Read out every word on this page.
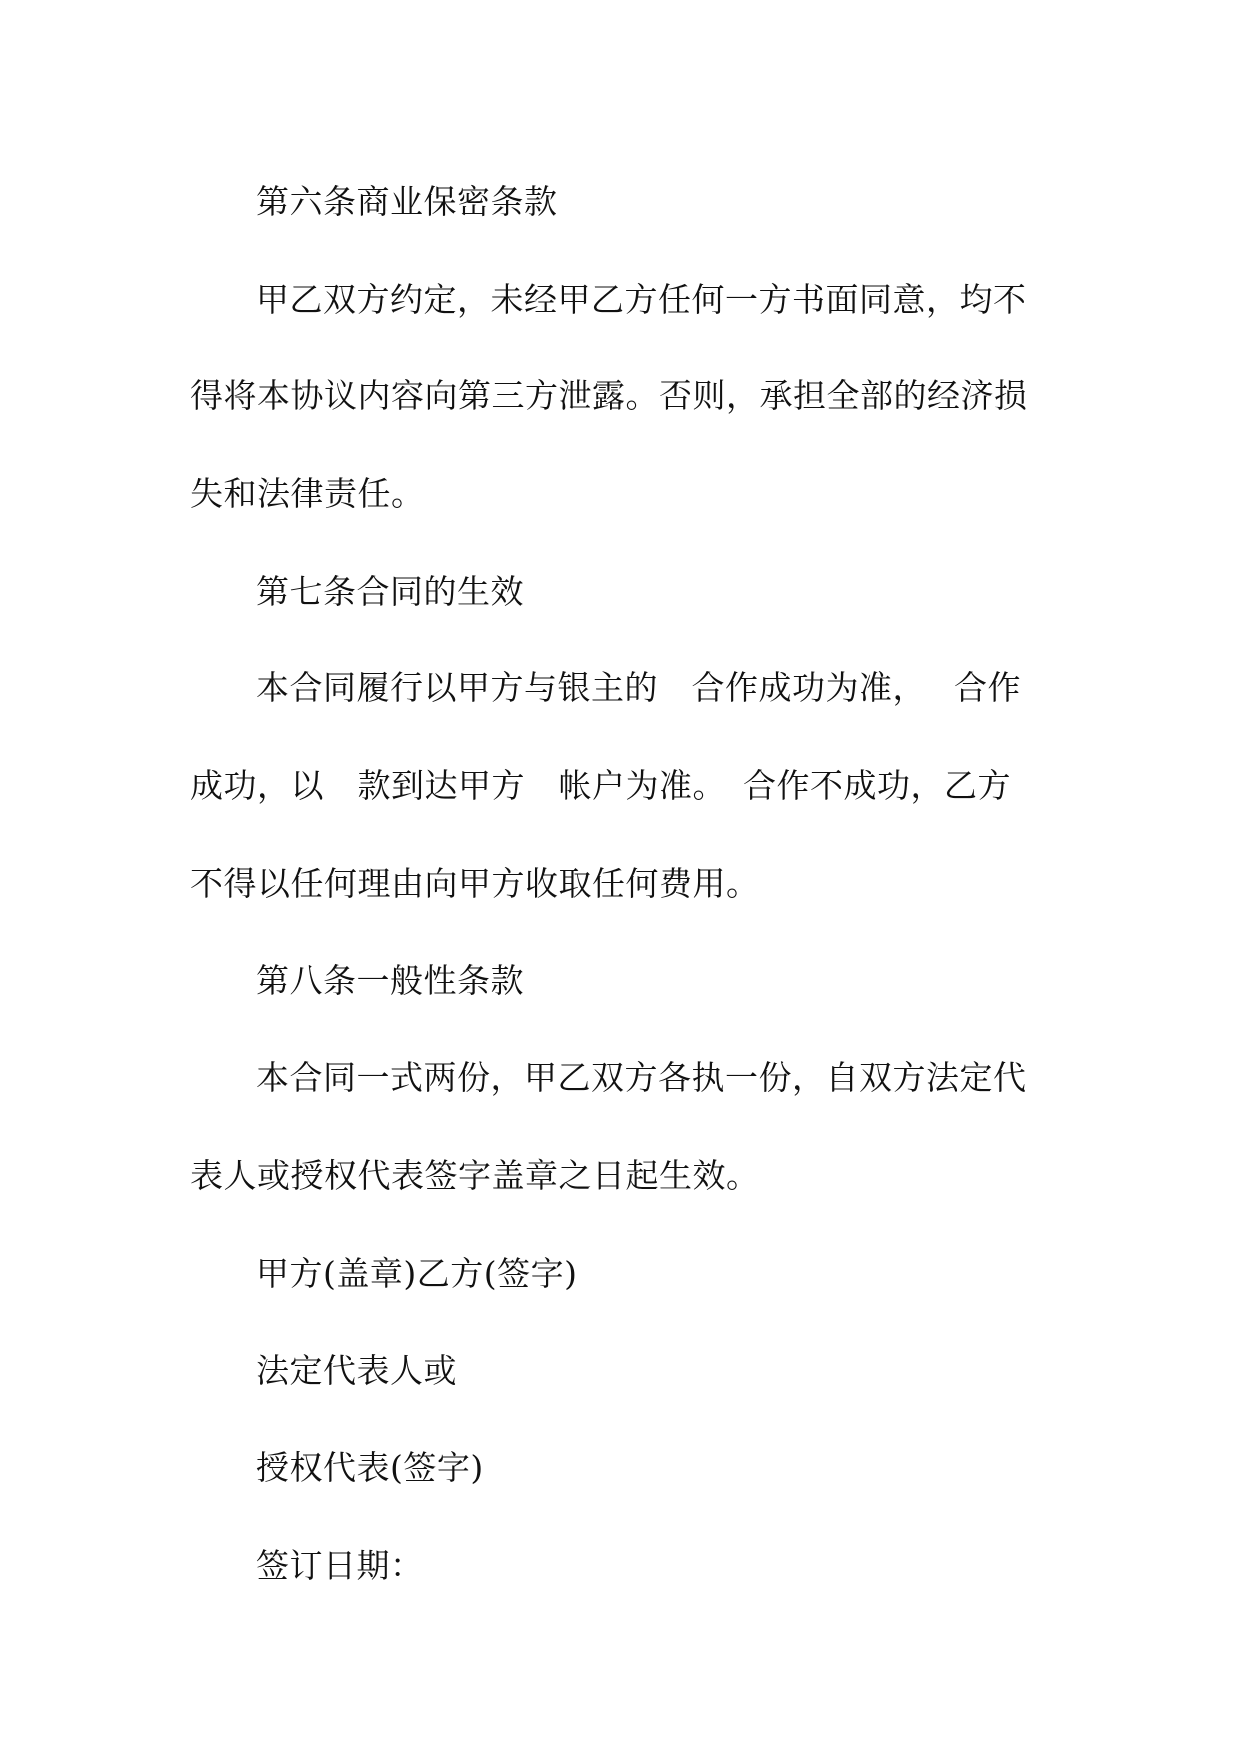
第六条商业保密条款
甲乙双方约定，未经甲乙方任何一方书面同意，均不
得将本协议内容向第三方泄露。否则，承担全部的经济损
失和法律责任。
第七条合同的生效
本合同履行以甲方与银主的　合作成功为准，　 合作
成功，以　款到达甲方　帐户为准。　合作不成功，乙方
不得以任何理由向甲方收取任何费用。
第八条一般性条款
本合同一式两份，甲乙双方各执一份，自双方法定代
表人或授权代表签字盖章之日起生效。
甲方(盖章)乙方(签字)
法定代表人或
授权代表(签字)
签订日期：
